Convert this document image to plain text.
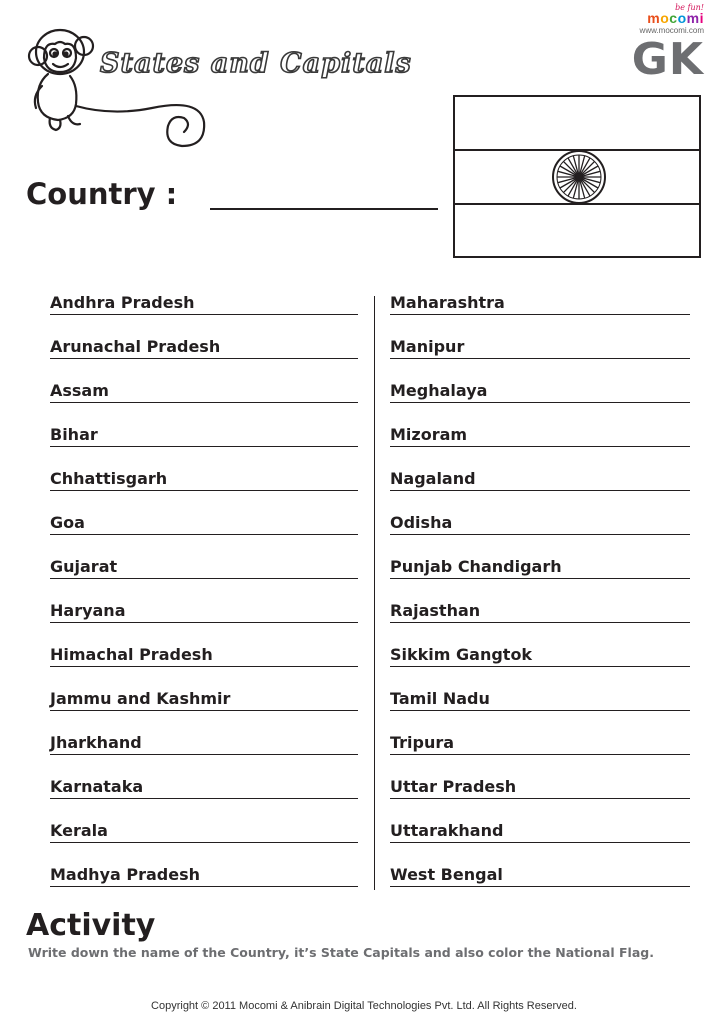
States and Capitals
be fun!
mocomi
www.mocomi.com
GK
Country :
Andhra Pradesh
Arunachal Pradesh
Assam
Bihar
Chhattisgarh
Goa
Gujarat
Haryana
Himachal Pradesh
Jammu and Kashmir
Jharkhand
Karnataka
Kerala
Madhya Pradesh
Maharashtra
Manipur
Meghalaya
Mizoram
Nagaland
Odisha
Punjab Chandigarh
Rajasthan
Sikkim Gangtok
Tamil Nadu
Tripura
Uttar Pradesh
Uttarakhand
West Bengal
Activity
Write down the name of the Country, it’s State Capitals and also color the National Flag.
Copyright © 2011 Mocomi & Anibrain Digital Technologies Pvt. Ltd. All Rights Reserved.
